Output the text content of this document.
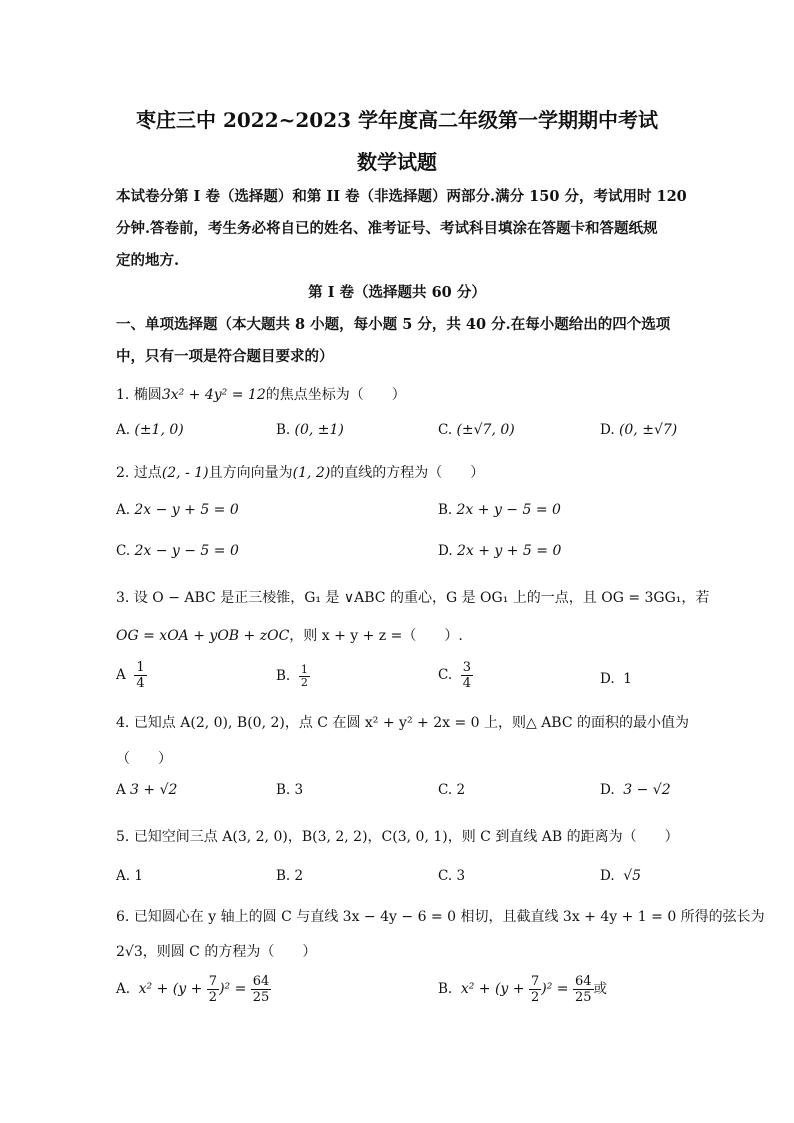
枣庄三中 2022~2023 学年度高二年级第一学期期中考试
数学试题
本试卷分第 I 卷（选择题）和第 II 卷（非选择题）两部分.满分 150 分，考试用时 120
分钟.答卷前，考生务必将自已的姓名、准考证号、考试科目填涂在答题卡和答题纸规
定的地方.
第 I 卷（选择题共 60 分）
一、单项选择题（本大题共 8 小题，每小题 5 分，共 40 分.在每小题给出的四个选项
中，只有一项是符合题目要求的）
1. 椭圆3x² + 4y² = 12的焦点坐标为（　　）
A. (±1, 0)	B. (0, ±1)	C. (±√7, 0)	D. (0, ±√7)
2. 过点(2, - 1)且方向向量为(1, 2)的直线的方程为（　　）
A. 2x − y + 5 = 0	B. 2x + y − 5 = 0
C. 2x − y − 5 = 0	D. 2x + y + 5 = 0
3. 设 O − ABC 是正三棱锥，G₁ 是 ∨ABC 的重心，G 是 OG₁ 上的一点，且 OG = 3GG₁，若
OG = xOA + yOB + zOC，则 x + y + z =（　　）.
A $\frac{1}{4}$	B. $\frac{1}{2}$	C. $\frac{3}{4}$	D. 1
4. 已知点 A(2, 0), B(0, 2)，点 C 在圆 x² + y² + 2x = 0 上，则△ ABC 的面积的最小值为
（　　）
A 3 + √2	B. 3	C. 2	D. 3 − √2
5. 已知空间三点 A(3, 2, 0)，B(3, 2, 2)，C(3, 0, 1)，则 C 到直线 AB 的距离为（　　）
A. 1	B. 2	C. 3	D. √5
6. 已知圆心在 y 轴上的圆 C 与直线 3x − 4y − 6 = 0 相切，且截直线 3x + 4y + 1 = 0 所得的弦长为
2√3，则圆 C 的方程为（　　）
A. $x^2 + (y + \frac{7}{2} )^2 = \frac{64}{25}$	B. $x^2 + (y + \frac{7}{2} )^2 = \frac{64}{25}$ 或
